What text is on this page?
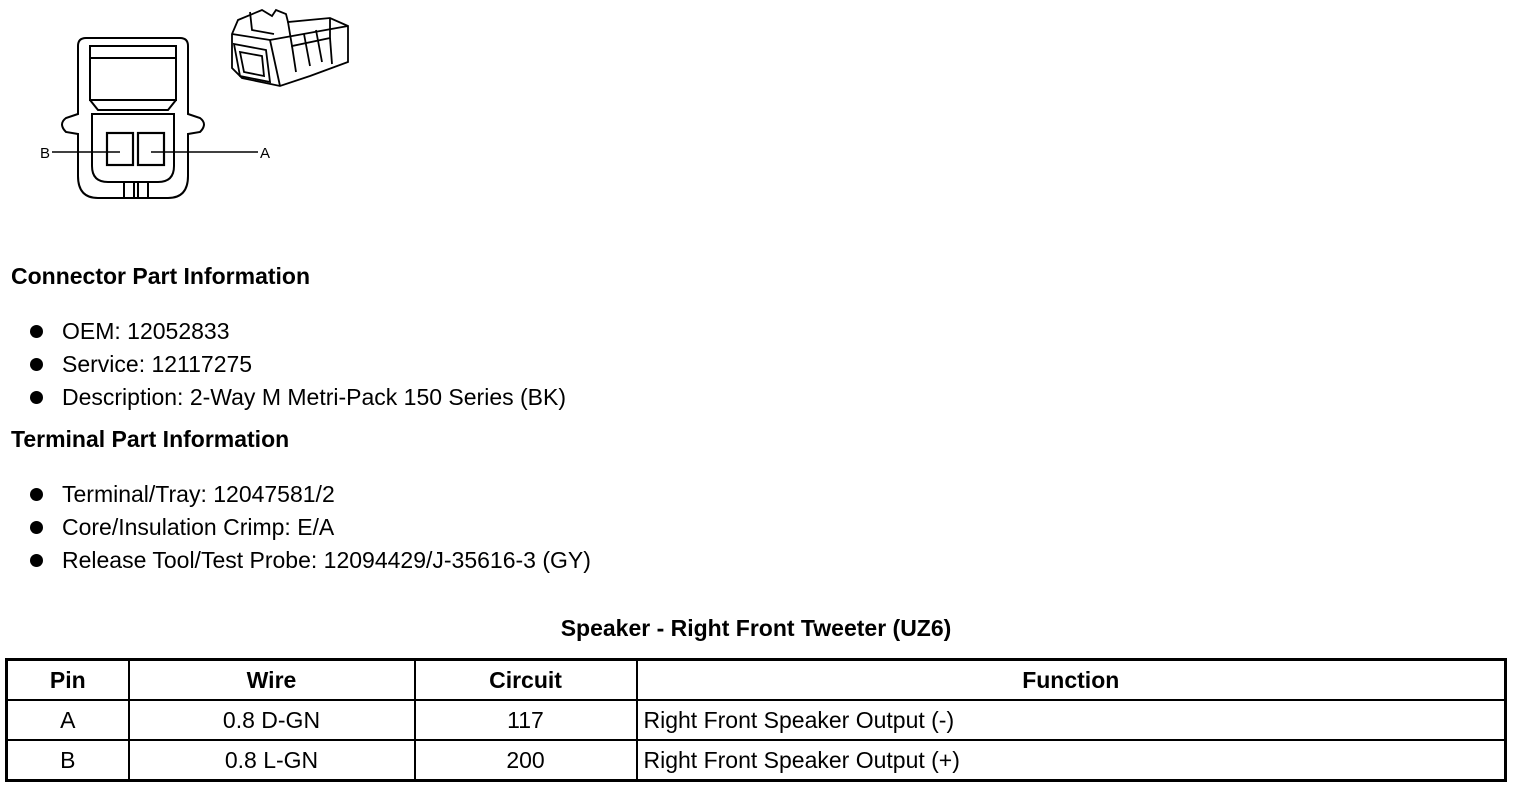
B	A
Connector Part Information
OEM: 12052833
Service: 12117275
Description: 2-Way M Metri-Pack 150 Series (BK)
Terminal Part Information
Terminal/Tray: 12047581/2
Core/Insulation Crimp: E/A
Release Tool/Test Probe: 12094429/J-35616-3 (GY)
Speaker - Right Front Tweeter (UZ6)
Pin	Wire	Circuit	Function
A	0.8 D-GN	117	Right Front Speaker Output (-)
B	0.8 L-GN	200	Right Front Speaker Output (+)
